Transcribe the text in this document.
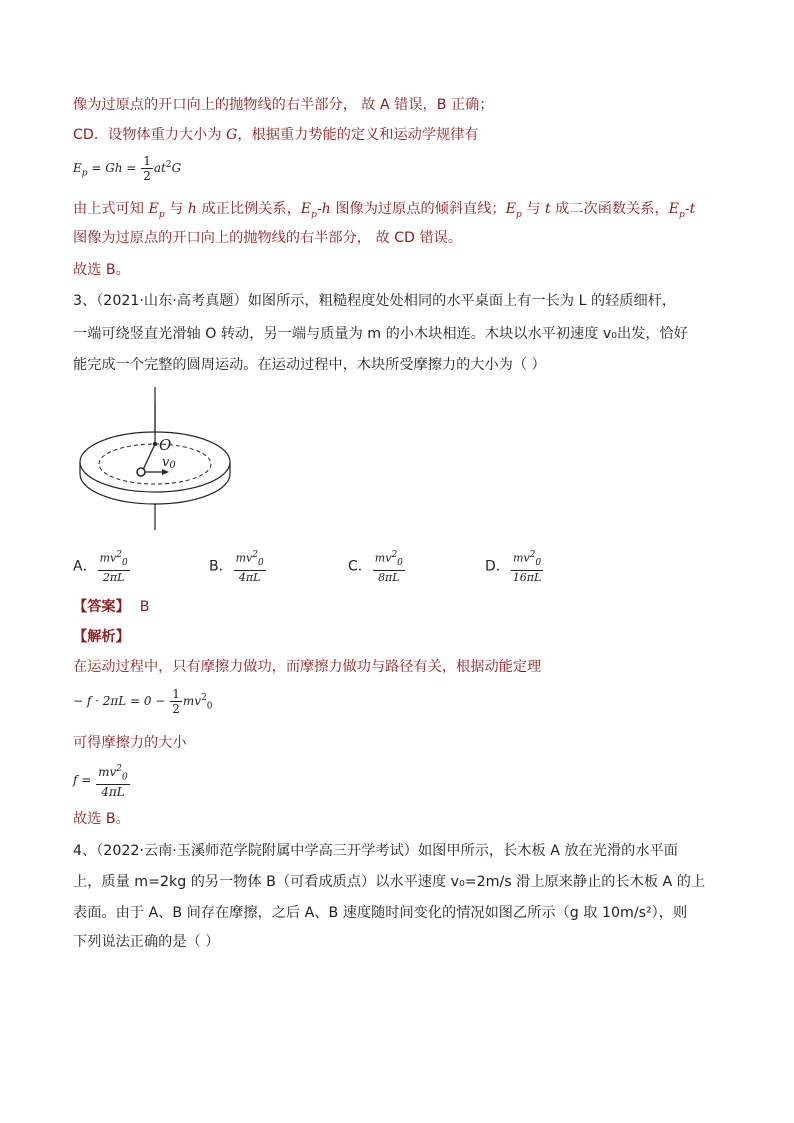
像为过原点的开口向上的抛物线的右半部分， 故 A 错误，B 正确；
CD．设物体重力大小为 G，根据重力势能的定义和运动学规律有
$E_p = Gh = \frac{1}{2} at^2G$
由上式可知 $E_p$ 与 h 成正比例关系，$E_p-h$ 图像为过原点的倾斜直线；$E_p$ 与 t 成二次函数关系，$E_p-t$
图像为过原点的开口向上的抛物线的右半部分， 故 CD 错误。
故选 B。
3、（2021·山东·高考真题）如图所示，粗糙程度处处相同的水平桌面上有一长为 L 的轻质细杆，
一端可绕竖直光滑轴 O 转动，另一端与质量为 m 的小木块相连。木块以水平初速度 v₀出发，恰好
能完成一个完整的圆周运动。在运动过程中，木块所受摩擦力的大小为（ ）
O
v0
A． $\frac{mv^2_0}{2\pi L}$	B． $\frac{mv^2_0}{4\pi L}$	C． $\frac{mv^2_0}{8\pi L}$	D． $\frac{mv^2_0}{16\pi L}$
【答案】 B
【解析】
在运动过程中，只有摩擦力做功，而摩擦力做功与路径有关，根据动能定理
− $f \cdot 2\pi L = 0 - \frac{1}{2} mv^2_0$
可得摩擦力的大小
$f = \frac{mv^2_0}{4\pi L}$
故选 B。
4、（2022·云南·玉溪师范学院附属中学高三开学考试）如图甲所示，长木板 A 放在光滑的水平面
上，质量 m=2kg 的另一物体 B（可看成质点）以水平速度 v₀=2m/s 滑上原来静止的长木板 A 的上
表面。由于 A、B 间存在摩擦，之后 A、B 速度随时间变化的情况如图乙所示（g 取 10m/s²），则
下列说法正确的是（ ）
